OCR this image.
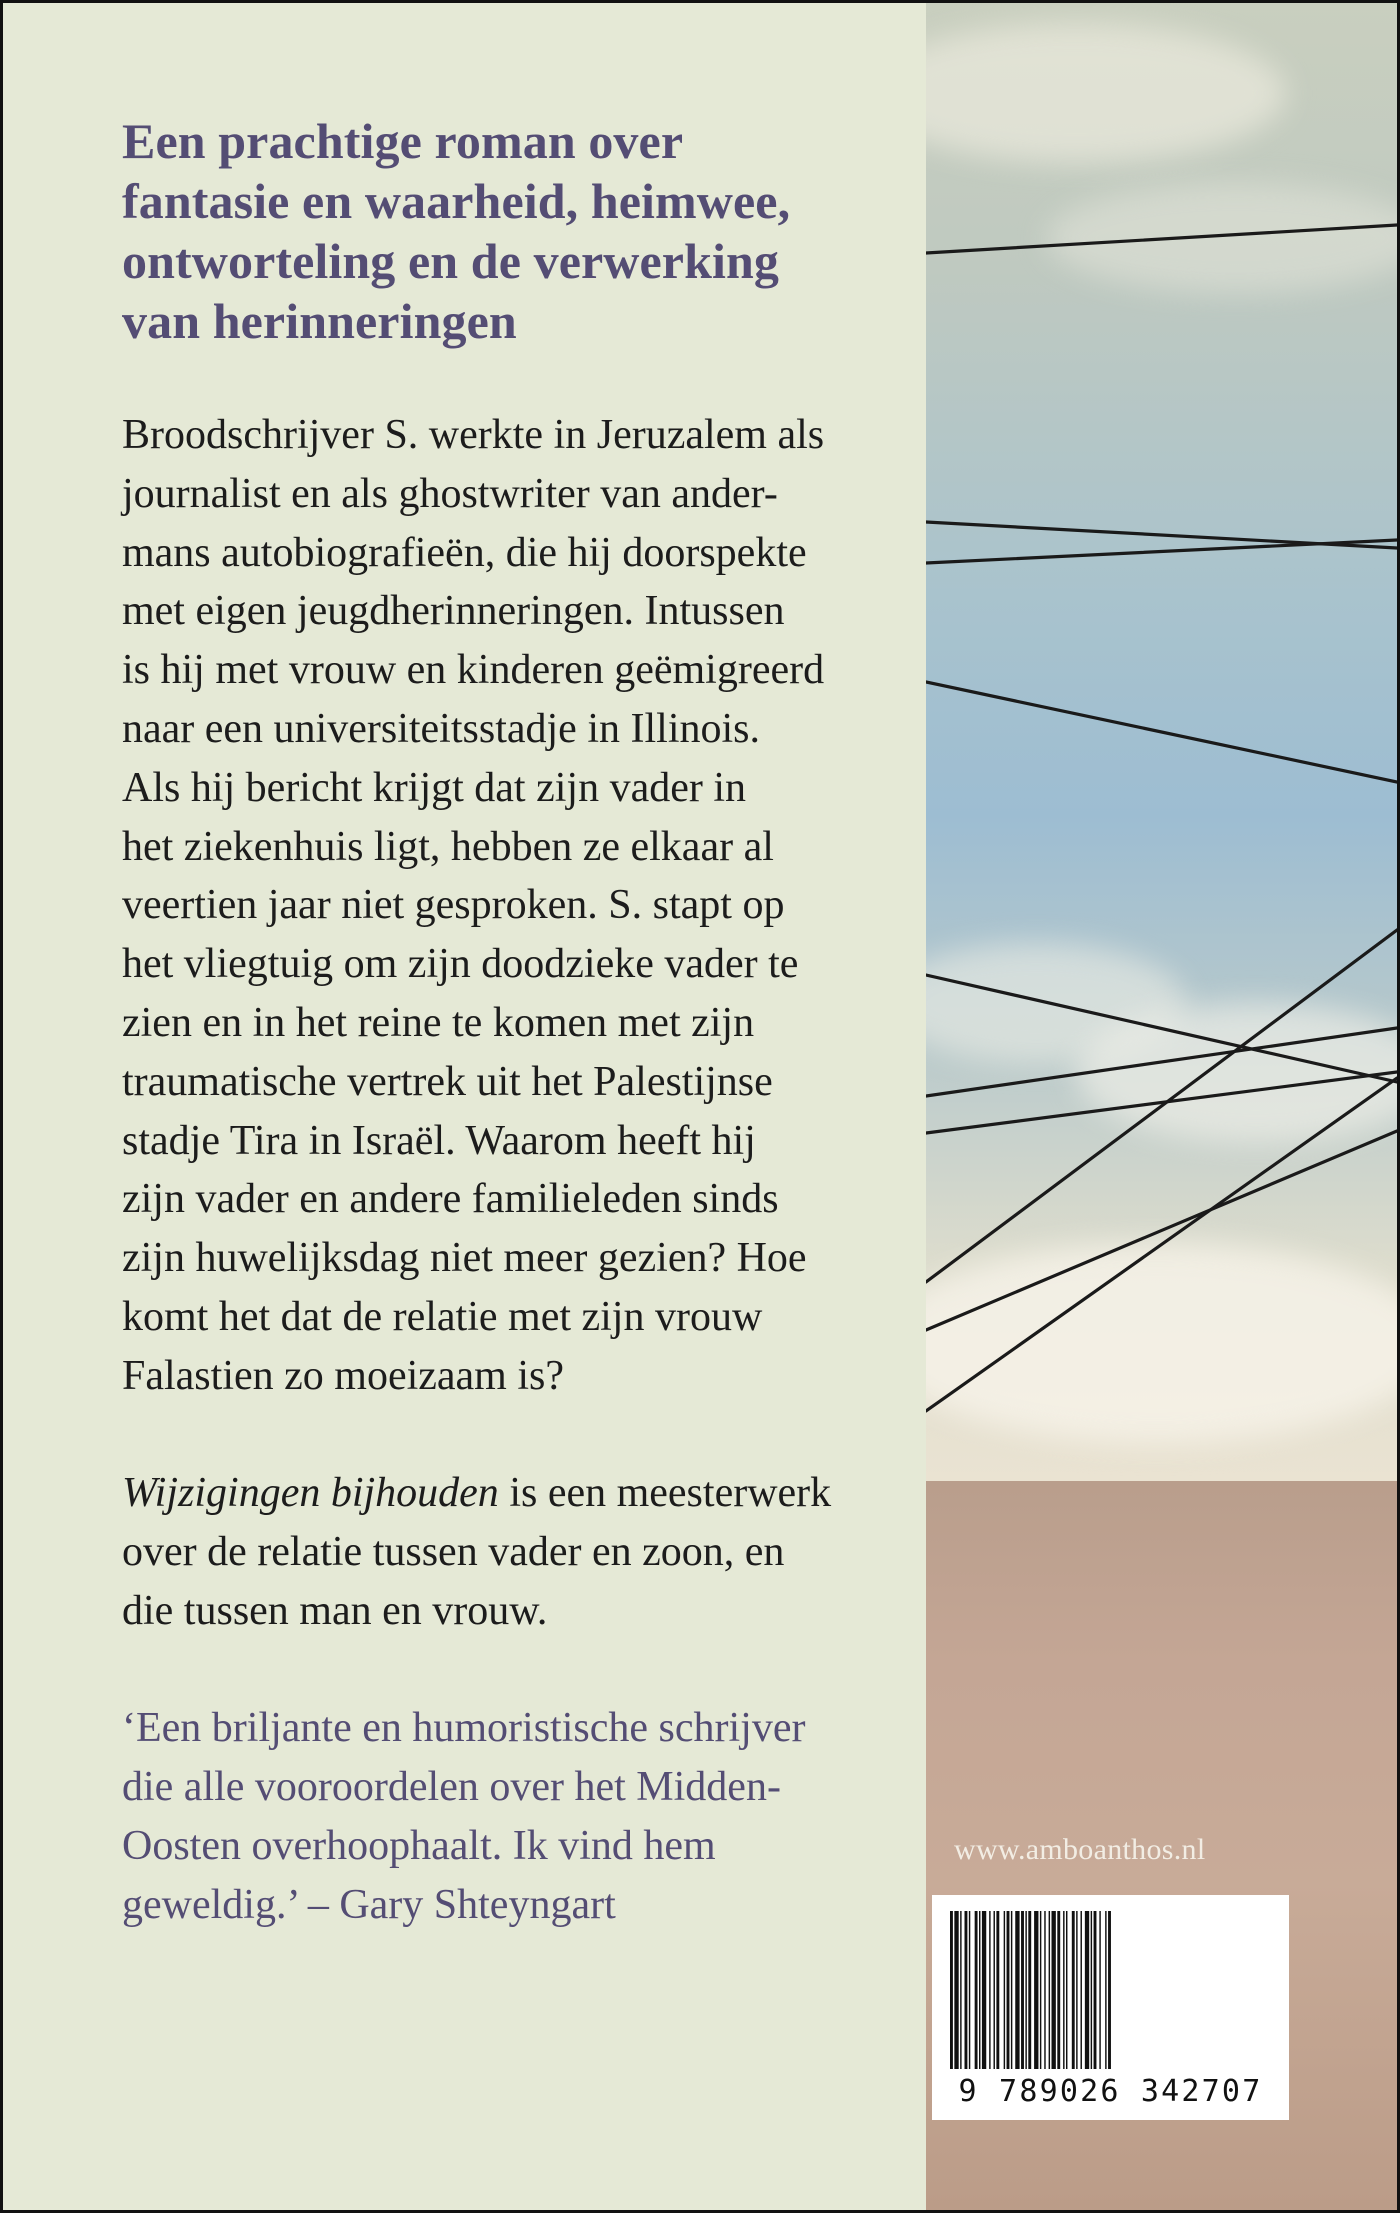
Een prachtige roman over
fantasie en waarheid, heimwee,
ontworteling en de verwerking
van herinneringen
Broodschrijver S. werkte in Jeruzalem als
journalist en als ghostwriter van ander-
mans autobiografieën, die hij doorspekte
met eigen jeugdherinneringen. Intussen
is hij met vrouw en kinderen geëmigreerd
naar een universiteitsstadje in Illinois.
Als hij bericht krijgt dat zijn vader in
het ziekenhuis ligt, hebben ze elkaar al
veertien jaar niet gesproken. S. stapt op
het vliegtuig om zijn doodzieke vader te
zien en in het reine te komen met zijn
traumatische vertrek uit het Palestijnse
stadje Tira in Israël. Waarom heeft hij
zijn vader en andere familieleden sinds
zijn huwelijksdag niet meer gezien? Hoe
komt het dat de relatie met zijn vrouw
Falastien zo moeizaam is?
Wijzigingen bijhouden is een meesterwerk
over de relatie tussen vader en zoon, en
die tussen man en vrouw.
‘Een briljante en humoristische schrijver
die alle vooroordelen over het Midden-
Oosten overhoophaalt. Ik vind hem
geweldig.’ – Gary Shteyngart
www.amboanthos.nl
9 789026 342707
